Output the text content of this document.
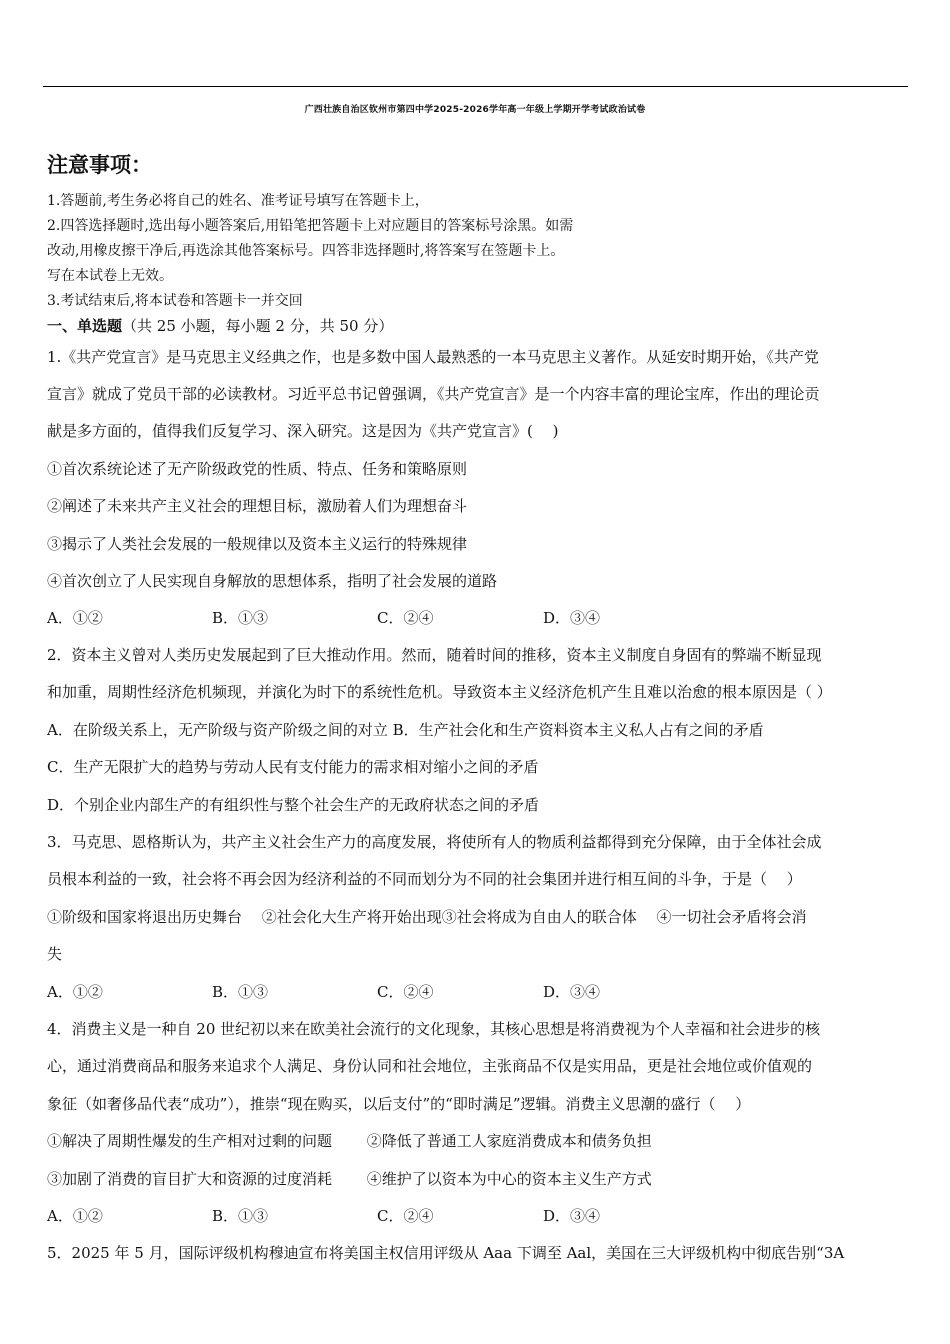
广西壮族自治区钦州市第四中学2025-2026学年高一年级上学期开学考试政治试卷
注意事项：
1.答题前,考生务必将自己的姓名、准考证号填写在答题卡上，
2.四答选择题时,选出每小题答案后,用铅笔把答题卡上对应题目的答案标号涂黑。如需
改动,用橡皮擦干净后,再选涂其他答案标号。四答非选择题时,将答案写在签题卡上。
写在本试卷上无效。
3.考试结束后,将本试卷和答题卡一并交回
一、单选题（共 25 小题，每小题 2 分，共 50 分）
1.《共产党宣言》是马克思主义经典之作，也是多数中国人最熟悉的一本马克思主义著作。从延安时期开始，《共产党
宣言》就成了党员干部的必读教材。习近平总书记曾强调，《共产党宣言》是一个内容丰富的理论宝库，作出的理论贡
献是多方面的，值得我们反复学习、深入研究。这是因为《共产党宣言》(　 )
①首次系统论述了无产阶级政党的性质、特点、任务和策略原则
②阐述了未来共产主义社会的理想目标，激励着人们为理想奋斗
③揭示了人类社会发展的一般规律以及资本主义运行的特殊规律
④首次创立了人民实现自身解放的思想体系，指明了社会发展的道路
A．①②	B．①③	C．②④	D．③④
2．资本主义曾对人类历史发展起到了巨大推动作用。然而，随着时间的推移，资本主义制度自身固有的弊端不断显现
和加重，周期性经济危机频现，并演化为时下的系统性危机。导致资本主义经济危机产生且难以治愈的根本原因是（ ）
A．在阶级关系上，无产阶级与资产阶级之间的对立 B．生产社会化和生产资料资本主义私人占有之间的矛盾
C．生产无限扩大的趋势与劳动人民有支付能力的需求相对缩小之间的矛盾
D．个别企业内部生产的有组织性与整个社会生产的无政府状态之间的矛盾
3．马克思、恩格斯认为，共产主义社会生产力的高度发展，将使所有人的物质利益都得到充分保障，由于全体社会成
员根本利益的一致，社会将不再会因为经济利益的不同而划分为不同的社会集团并进行相互间的斗争，于是（　 ）
①阶级和国家将退出历史舞台　 ②社会化大生产将开始出现③社会将成为自由人的联合体　 ④一切社会矛盾将会消
失
A．①②	B．①③	C．②④	D．③④
4．消费主义是一种自 20 世纪初以来在欧美社会流行的文化现象，其核心思想是将消费视为个人幸福和社会进步的核
心，通过消费商品和服务来追求个人满足、身份认同和社会地位，主张商品不仅是实用品，更是社会地位或价值观的
象征（如奢侈品代表“成功”），推崇“现在购买，以后支付”的“即时满足”逻辑。消费主义思潮的盛行（　 ）
①解决了周期性爆发的生产相对过剩的问题　　 ②降低了普通工人家庭消费成本和债务负担
③加剧了消费的盲目扩大和资源的过度消耗　　 ④维护了以资本为中心的资本主义生产方式
A．①②	B．①③	C．②④	D．③④
5．2025 年 5 月，国际评级机构穆迪宣布将美国主权信用评级从 Aaa 下调至 Aal，美国在三大评级机构中彻底告别“3A
